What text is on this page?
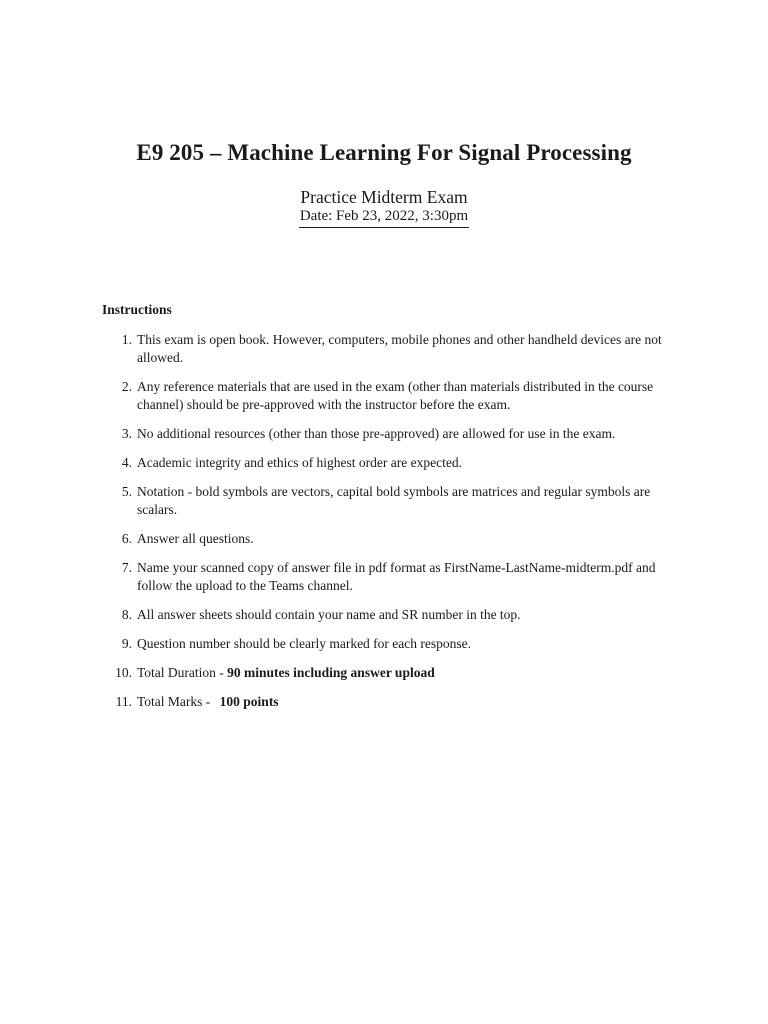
E9 205 – Machine Learning For Signal Processing
Practice Midterm Exam
Date: Feb 23, 2022, 3:30pm
Instructions
1. This exam is open book. However, computers, mobile phones and other handheld devices are not allowed.
2. Any reference materials that are used in the exam (other than materials distributed in the course channel) should be pre-approved with the instructor before the exam.
3. No additional resources (other than those pre-approved) are allowed for use in the exam.
4. Academic integrity and ethics of highest order are expected.
5. Notation - bold symbols are vectors, capital bold symbols are matrices and regular symbols are scalars.
6. Answer all questions.
7. Name your scanned copy of answer file in pdf format as FirstName-LastName-midterm.pdf and follow the upload to the Teams channel.
8. All answer sheets should contain your name and SR number in the top.
9. Question number should be clearly marked for each response.
10. Total Duration - 90 minutes including answer upload
11. Total Marks - 100 points
